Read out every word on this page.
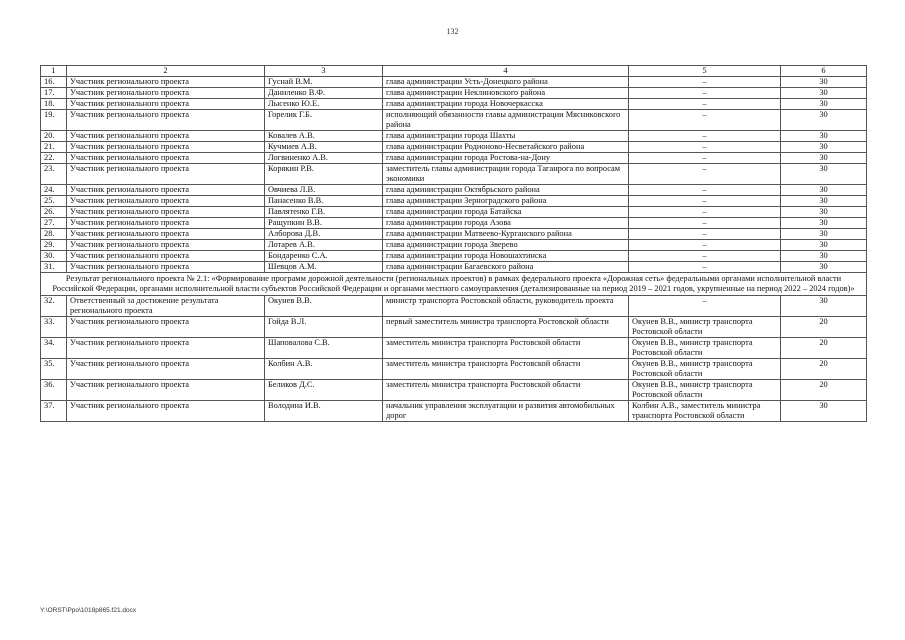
132
1	2	3	4	5	6
16.	Участник регионального проекта	Гуснай В.М.	глава администрации Усть-Донецкого района	–	30
17.	Участник регионального проекта	Даниленко В.Ф.	глава администрации Неклиновского района	–	30
18.	Участник регионального проекта	Лысенко Ю.Е.	глава администрации города Новочеркасска	–	30
19.	Участник регионального проекта	Горелик Г.Б.	исполняющий обязанности главы администрации Мясниковского района	–	30
20.	Участник регионального проекта	Ковалев А.В.	глава администрации города Шахты	–	30
21.	Участник регионального проекта	Кучмиев А.В.	глава администрации Родионово-Несветайского района	–	30
22.	Участник регионального проекта	Логвиненко А.В.	глава администрации города Ростова-на-Дону	–	30
23.	Участник регионального проекта	Корякин Р.В.	заместитель главы администрации города Таганрога по вопросам экономики	–	30
24.	Участник регионального проекта	Овчиева Л.В.	глава администрации Октябрьского района	–	30
25.	Участник регионального проекта	Панасенко В.В.	глава администрации Зерноградского района	–	30
26.	Участник регионального проекта	Павлятенко Г.В.	глава администрации города Батайска	–	30
27.	Участник регионального проекта	Ращупкин В.В.	глава администрации города Азова	–	30
28.	Участник регионального проекта	Алборова Д.В.	глава администрации Матвеево-Курганского района	–	30
29.	Участник регионального проекта	Лотарев А.В.	глава администрации города Зверево	–	30
30.	Участник регионального проекта	Бондаренко С.А.	глава администрации города Новошахтинска	–	30
31.	Участник регионального проекта	Шевцов А.М.	глава администрации Багаевского района	–	30
Результат регионального проекта № 2.1: «Формирование программ дорожной деятельности (региональных проектов) в рамках федерального проекта «Дорожная сеть» федеральными органами исполнительной власти Российской Федерации, органами исполнительной власти субъектов Российской Федерации и органами местного самоуправления (детализированные на период 2019 – 2021 годов, укрупненные на период 2022 – 2024 годов)»					
32.	Ответственный за достижение результата регионального проекта	Окунев В.В.	министр транспорта Ростовской области, руководитель проекта	–	30
33.	Участник регионального проекта	Гойда В.Л.	первый заместитель министра транспорта Ростовской области	Окунев В.В., министр транспорта Ростовской области	20
34.	Участник регионального проекта	Шаповалова С.В.	заместитель министра транспорта Ростовской области	Окунев В.В., министр транспорта Ростовской области	20
35.	Участник регионального проекта	Колбин А.В.	заместитель министра транспорта Ростовской области	Окунев В.В., министр транспорта Ростовской области	20
36.	Участник регионального проекта	Беликов Д.С.	заместитель министра транспорта Ростовской области	Окунев В.В., министр транспорта Ростовской области	20
37.	Участник регионального проекта	Володина И.В.	начальник управления эксплуатации и развития автомобильных дорог	Колбин А.В., заместитель министра транспорта Ростовской области	30
Y:\ORST\Ppo\1018p865.f21.docx
